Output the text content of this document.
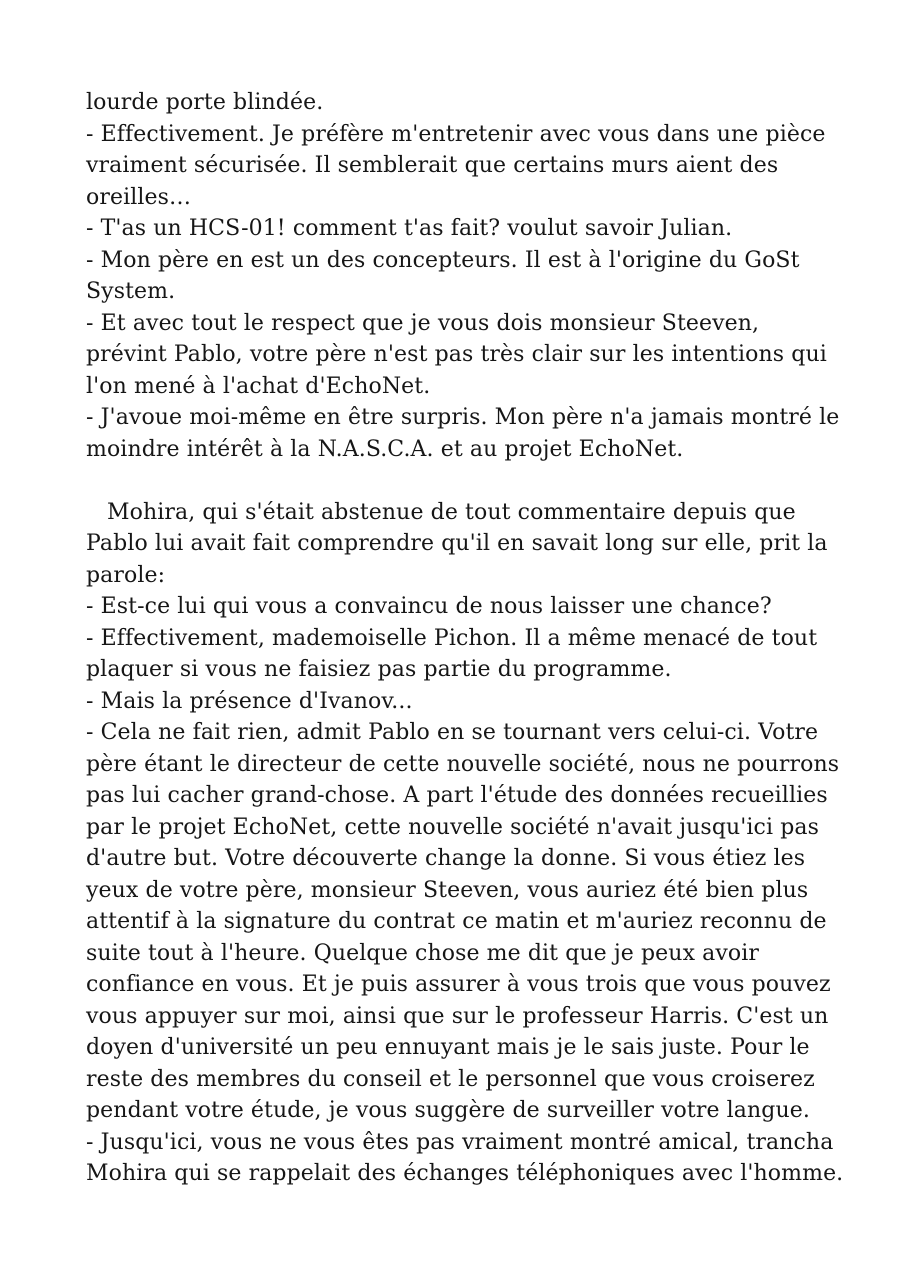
lourde porte blindée.
- Effectivement. Je préfère m'entretenir avec vous dans une pièce
vraiment sécurisée. Il semblerait que certains murs aient des
oreilles…
- T'as un HCS-01! comment t'as fait? voulut savoir Julian.
- Mon père en est un des concepteurs. Il est à l'origine du GoSt
System.
- Et avec tout le respect que je vous dois monsieur Steeven,
prévint Pablo, votre père n'est pas très clair sur les intentions qui
l'on mené à l'achat d'EchoNet.
- J'avoue moi-même en être surpris. Mon père n'a jamais montré le
moindre intérêt à la N.A.S.C.A. et au projet EchoNet.
Mohira, qui s'était abstenue de tout commentaire depuis que
Pablo lui avait fait comprendre qu'il en savait long sur elle, prit la
parole:
- Est-ce lui qui vous a convaincu de nous laisser une chance?
- Effectivement, mademoiselle Pichon. Il a même menacé de tout
plaquer si vous ne faisiez pas partie du programme.
- Mais la présence d'Ivanov...
- Cela ne fait rien, admit Pablo en se tournant vers celui-ci. Votre
père étant le directeur de cette nouvelle société, nous ne pourrons
pas lui cacher grand-chose. A part l'étude des données recueillies
par le projet EchoNet, cette nouvelle société n'avait jusqu'ici pas
d'autre but. Votre découverte change la donne. Si vous étiez les
yeux de votre père, monsieur Steeven, vous auriez été bien plus
attentif à la signature du contrat ce matin et m'auriez reconnu de
suite tout à l'heure. Quelque chose me dit que je peux avoir
confiance en vous. Et je puis assurer à vous trois que vous pouvez
vous appuyer sur moi, ainsi que sur le professeur Harris. C'est un
doyen d'université un peu ennuyant mais je le sais juste. Pour le
reste des membres du conseil et le personnel que vous croiserez
pendant votre étude, je vous suggère de surveiller votre langue.
- Jusqu'ici, vous ne vous êtes pas vraiment montré amical, trancha
Mohira qui se rappelait des échanges téléphoniques avec l'homme.
